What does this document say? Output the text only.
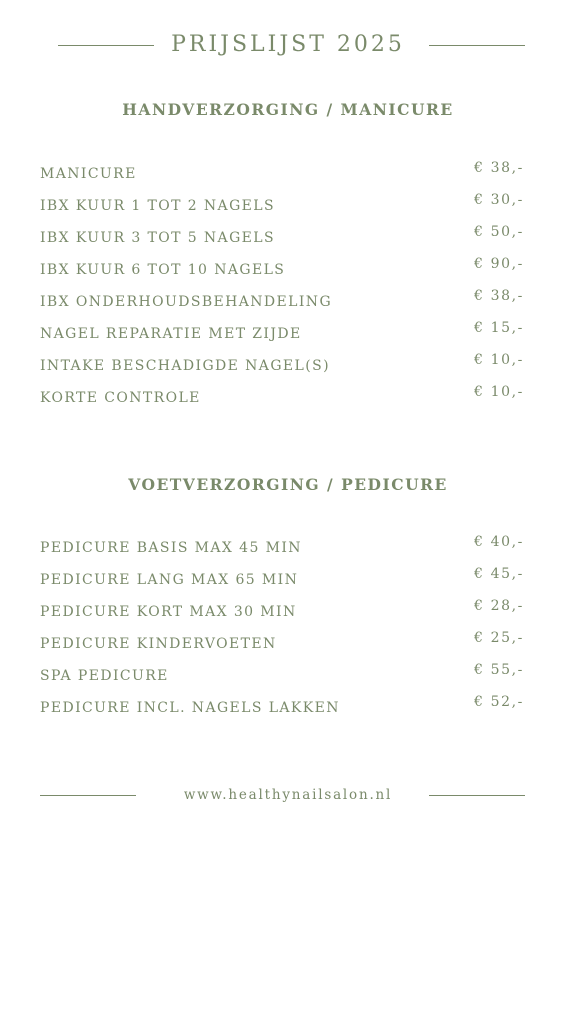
PRIJSLIJST 2025
HANDVERZORGING / MANICURE
MANICURE	€ 38,-
IBX KUUR 1 TOT 2 NAGELS	€ 30,-
IBX KUUR 3 TOT 5 NAGELS	€ 50,-
IBX KUUR 6 TOT 10 NAGELS	€ 90,-
IBX ONDERHOUDSBEHANDELING	€ 38,-
NAGEL REPARATIE MET ZIJDE	€ 15,-
INTAKE BESCHADIGDE NAGEL(S)	€ 10,-
KORTE CONTROLE	€ 10,-
VOETVERZORGING / PEDICURE
PEDICURE BASIS MAX 45 MIN	€ 40,-
PEDICURE LANG MAX 65 MIN	€ 45,-
PEDICURE KORT MAX 30 MIN	€ 28,-
PEDICURE KINDERVOETEN	€ 25,-
SPA PEDICURE	€ 55,-
PEDICURE INCL. NAGELS LAKKEN	€ 52,-
www.healthynailsalon.nl
